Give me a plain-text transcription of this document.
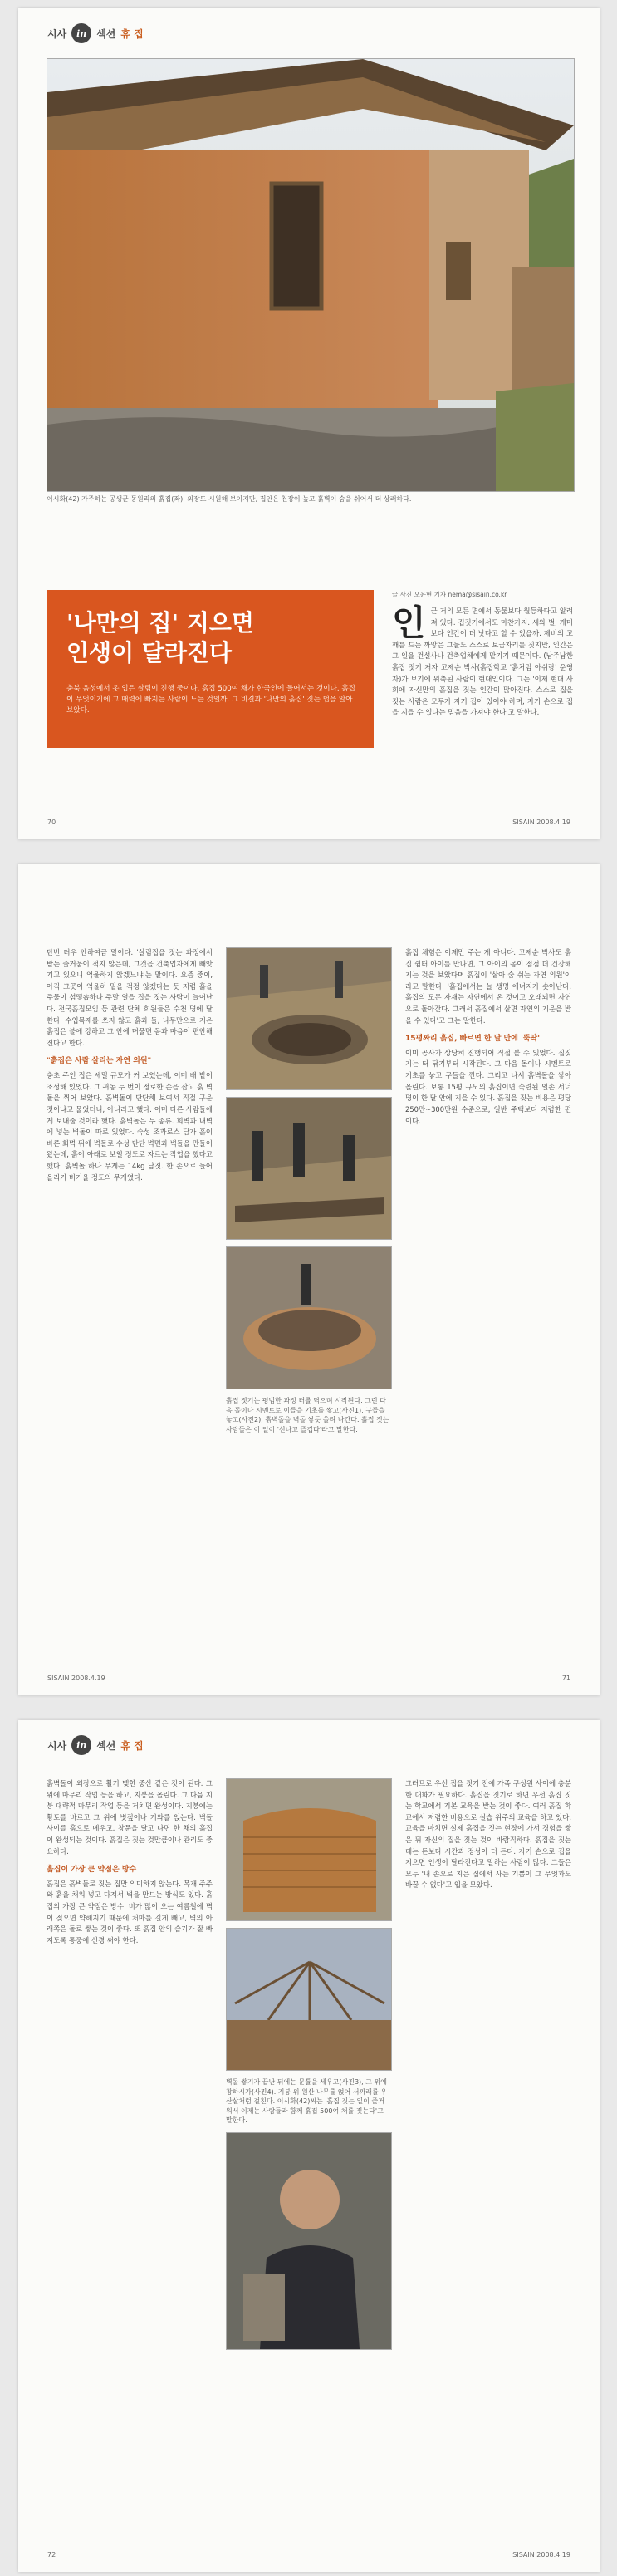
시사	in 섹션 휴 집
이시화(42) 가주하는 공생군 동원리의 흙집(좌). 외장도 시원해 보이지만, 집안은 천장이 높고 흙벽이 숨을 쉬어서 더 상쾌하다.
'나만의 집' 지으면
인생이 달라진다

충북 음성에서 옷 입은 살림이 진행 중이다. 흙집 500여 채가 한국인에 들어서는 것이다. 흙집이 무엇이기에 그 매력에 빠지는 사람이 느는 것일까. 그 비결과 '나만의 흙집' 짓는 법을 알아보았다.

글·사진 오윤현 기자 nema@sisain.co.kr
인 근 거의 모든 면에서 동물보다 월등하다고 알려져 있다. 집짓기에서도 마찬가지. 새와 벌, 개미보다 인간이 더 낫다고 할 수 있을까. 제비의 고깨를 드는 까맣은 그들도 스스로 보금자리를 짓지만, 인간은 그 일을 건설사나 건축업체에게 맡기기 때문이다. (남주남한 흙집 짓기 저자 고제순 박사(흙집학교 '흙처럼 아쉬랑' 운영자)가 보기에 위축된 사람이 현대인이다. 그는 '이제 현대 사회에 자신만의 흙집을 짓는 인간이 많아진다. 스스로 집을 짓는 사람은 모두가 자기 집이 있어야 하며, 자기 손으로 집을 지을 수 있다는 믿음을 가져야 한다'고 말한다.
70	SISAIN 2008.4.19
단번 더우 안하여금 말이다. '살림집을 짓는 과정에서 받는 즐거움이 적지 않은데, 그것을 건축업자에게 빼앗기고 있으니 억울하지 않겠느냐'는 말이다. 요즘 중이, 아직 그곳이 억울히 밑을 걱정 않겠다는 듯 저렴 흙을 주물이 섬떻숍하나 주말 열을 집을 짓는 사람이 늘어난다. 전국흙집모임 등 관련 단체 회원들은 수천 명에 달한다. 수입목재를 쓰지 않고 흙과 돌, 나무만으로 지은 흙집은 불에 강하고 그 안에 머물면 몸과 마음이 편안해진다고 한다.
"흙집은 사람 살리는 자연 의원"
충초 주인 집은 세밀 규모가 커 보였는데, 이미 배 밭이 조성해 있었다. 그 귀농 두 번이 정로한 손을 잡고 흙 벽돌을 찍어 보았다. 흙벽돌이 단단해 보여서 직접 구운 것이냐고 물었더니, 아니라고 했다. 이미 다른 사람들에게 보내줄 것이라 했다. 흙벽돌은 두 종류. 회벽과 내벽에 넣는 벽돌이 따로 있었다. 숙성 조과로스 담가 흙이 바른 회벽 뒤에 벽돌로 수성 단단 벽면과 벽돌을 만들어 왔는데, 흙이 아래로 보일 정도로 자르는 작업을 했다고 했다. 흙벽돌 하나 무게는 14kg 남짓. 한 손으로 들어올리기 버거울 정도의 무게였다.
흙집 짓기는 평범한 과정 터를 닦으며 시작된다. 그런 다음 돌이나 시멘트로 이들을 기초를 쌓고(사진1), 구들을 놓고(사진2), 흙벽돌을 벽돌 쌓듯 올려 나간다. 흙집 짓는 사람들은 이 일이 '신나고 즐겁다'라고 말한다.
흙집 체험은 이제만 주는 게 아니다. 고제순 박사도 흙집 쉼터 아이를 만나면, 그 아이의 몸이 점점 더 건강해지는 것을 보았다며 흙집이 '살아 숨 쉬는 자연 의원'이라고 말한다. '흙집에서는 늘 생명 에너지가 솟아난다. 흙집의 모든 자재는 자연에서 온 것이고 오래되면 자연으로 돌아간다. 그래서 흙집에서 살면 자연의 기운을 받을 수 있다'고 그는 말한다.
15평짜리 흙집, 빠르면 한 달 만에 '뚝딱'
이미 공사가 상당히 진행되어 직접 볼 수 있었다. 집짓기는 터 닦기부터 시작된다. 그 다음 돌이나 시멘트로 기초를 놓고 구들을 깐다. 그리고 나서 흙벽돌을 쌓아 올린다. 보통 15평 규모의 흙집이면 숙련된 일손 서너 명이 한 달 안에 지을 수 있다. 흙집을 짓는 비용은 평당 250만~300만원 수준으로, 일반 주택보다 저렴한 편이다.
SISAIN 2008.4.19	71
시사	in 섹션 휴 집
흙벽돌이 외장으로 활기 맺힌 중산 같은 것이 된다. 그 위에 마무리 작업 등을 하고, 지붕을 올린다. 그 다음 지붕 대략적 마무리 작업 등을 거치면 완성이다. 지붕에는 황토를 바르고 그 위에 볏짚이나 기와를 얹는다. 벽돌 사이를 흙으로 메우고, 창문을 달고 나면 한 채의 흙집이 완성되는 것이다. 흙집은 짓는 것만큼이나 관리도 중요하다.
흙집이 가장 큰 약점은 방수
흙집은 흙벽돌로 짓는 집만 의미하지 않는다. 목재 주주와 흙을 채워 넣고 다져서 벽을 만드는 방식도 있다. 흙집의 가장 큰 약점은 방수. 비가 많이 오는 여름철에 벽이 젖으면 약해지기 때문에 처마를 길게 빼고, 벽의 아래쪽은 돌로 쌓는 것이 좋다. 또 흙집 안의 습기가 잘 빠지도록 통풍에 신경 써야 한다.
벽돌 쌓기가 끝난 뒤에는 문틀을 세우고(사진3), 그 위에 창하시가(사진4). 지붕 위 원산 나무를 얹어 서까래를 우산살처럼 걸친다. 이시화(42)씨는 '흙집 짓는 일이 즐거워서 이제는 사람들과 함께 흙집 500여 채를 짓는다'고 말한다.
그러므로 우선 집을 짓기 전에 가족 구성원 사이에 충분한 대화가 필요하다. 흙집을 짓기로 하면 우선 흙집 짓는 학교에서 기본 교육을 받는 것이 좋다. 여러 흙집 학교에서 저렴한 비용으로 실습 위주의 교육을 하고 있다. 교육을 마치면 실제 흙집을 짓는 현장에 가서 경험을 쌓은 뒤 자신의 집을 짓는 것이 바람직하다. 흙집을 짓는 데는 돈보다 시간과 정성이 더 든다. 자기 손으로 집을 지으면 인생이 달라진다고 말하는 사람이 많다. 그들은 모두 '내 손으로 지은 집에서 사는 기쁨이 그 무엇과도 바꿀 수 없다'고 입을 모았다.
72	SISAIN 2008.4.19
